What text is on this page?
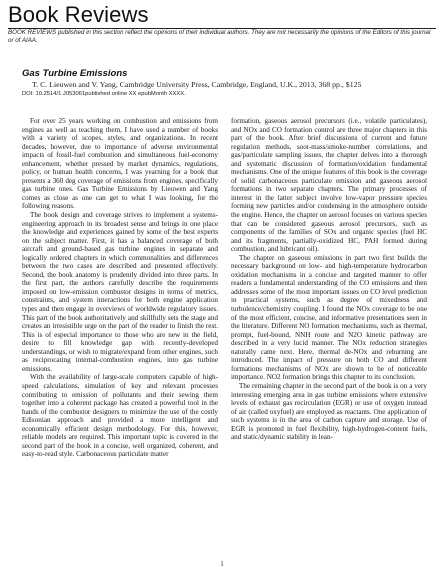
Book Reviews
BOOK REVIEWS published in this section reflect the opinions of their individual authors. They are not necessarily the opinions of the Editors of this journal or of AIAA.
Gas Turbine Emissions
T. C. Lieuwen and V. Yang, Cambridge University Press, Cambridge, England, U.K., 2013, 368 pp., $125
DOI: 10.2514/1.J053061published online XX epubMonth XXXX.

For over 25 years working on combustion and emissions from engines as well as teaching them, I have used a number of books with a variety of scopes, styles, and organizations. In recent decades, however, due to importance of adverse environmental impacts of fossil-fuel combustion and simultaneous fuel-economy enhancement, whether pressed by market dynamics, regulations, policy, or human health concerns, I was yearning for a book that presents a 360 deg coverage of emissions from engines, specifically gas turbine ones. Gas Turbine Emissions by Lieuwen and Yang comes as close as one can get to what I was looking, for the following reasons.

The book design and coverage strives to implement a systems-engineering approach in its broadest sense and brings in one place the knowledge and experiences gained by some of the best experts on the subject matter. First, it has a balanced coverage of both aircraft and ground-based gas turbine engines in separate and logically ordered chapters in which commonalities and differences between the two cases are described and presented effectively. Second, the book anatomy is prudently divided into three parts. In the first part, the authors carefully describe the requirements imposed on low-emission combustor designs in terms of metrics, constraints, and system interactions for both engine application types and then engage in overviews of worldwide regulatory issues. This part of the book authoritatively and skillfully sets the stage and creates an irresistible urge on the part of the reader to finish the rest. This is of especial importance to those who are new in the field, desire to fill knowledge gap with recently-developed understandings, or wish to migrate/expand from other engines, such as reciprocating internal-combustion engines, into gas turbine emissions.

With the availability of large-scale computers capable of high-speed calculations, simulation of key and relevant processes contributing to emission of pollutants and their sewing them together into a coherent package has created a powerful tool in the hands of the combustor designers to minimize the use of the costly Edisonian approach and provided a more intelligent and economically efficient design methodology. For this, however, reliable models are required. This important topic is covered in the second part of the book in a concise, well organized, coherent, and easy-to-read style. Carbonaceous particulate matter

formation, gaseous aerosol precursors (i.e., volatile particulates), and NOx and CO formation control are three major chapters in this part of the book. After brief discussions of current and future regulation methods, soot-mass/smoke-number correlations, and gas/particulate sampling issues, the chapter delves into a thorough and systematic discussion of formation/oxidation fundamental mechanisms. One of the unique features of this book is the coverage of solid carbonaceous particulate emission and gaseous aerosol formations in two separate chapters. The primary processes of interest in the latter subject involve low-vapor pressure species forming new particles and/or condensing in the atmosphere outside the engine. Hence, the chapter on aerosol focuses on various species that can be considered gaseous aerosol precursors, such as components of the families of SOx and organic species (fuel HC and its fragments, partially-oxidized HC, PAH formed during combustion, and lubricant oil).

The chapter on gaseous emissions in part two first builds the necessary background on low- and high-temperature hydrocarbon oxidation mechanisms in a concise and targeted manner to offer readers a fundamental understanding of the CO emissions and then addresses some of the most important issues on CO level prediction in practical systems, such as degree of mixedness and turbulence/chemistry coupling. I found the NOx coverage to be one of the most efficient, concise, and informative presentations seen in the literature. Different NO formation mechanisms, such as thermal, prompt, fuel-bound, NNH route and N2O kinetic pathway are described in a very lucid manner. The NOx reduction strategies naturally came next. Here, thermal de-NOx and reburning are introduced. The impact of pressure on both CO and different formations mechanisms of NOx are shown to be of noticeable importance. NO2 formation brings this chapter to its conclusion.

The remaining chapter in the second part of the book is on a very interesting emerging area in gas turbine emissions where extensive levels of exhaust gas recirculation (EGR) or use of oxygen instead of air (called oxyfuel) are employed as reactants. One application of such systems is in the area of carbon capture and storage. Use of EGR is promoted in fuel flexibility, high-hydrogen-content fuels, and static/dynamic stability in lean-

1
